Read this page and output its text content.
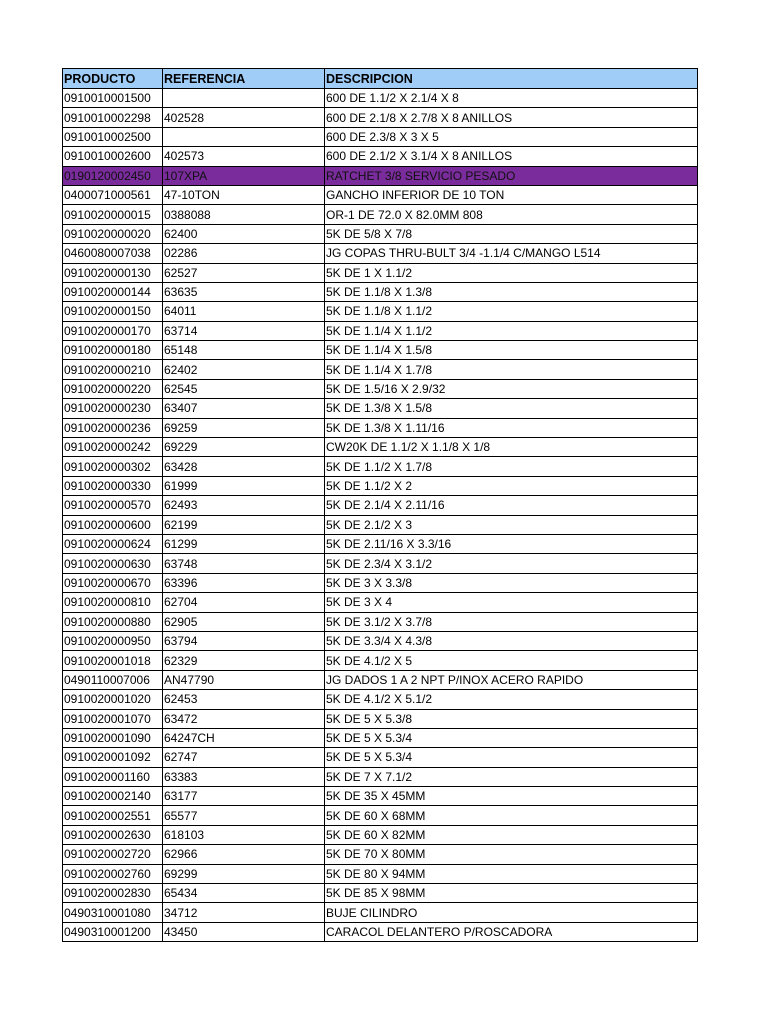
PRODUCTO	REFERENCIA	DESCRIPCION
0910010001500		600 DE 1.1/2 X 2.1/4 X 8
0910010002298	402528	600 DE 2.1/8 X 2.7/8 X 8 ANILLOS
0910010002500		600 DE 2.3/8 X 3 X 5
0910010002600	402573	600 DE 2.1/2 X 3.1/4 X 8 ANILLOS
0190120002450	107XPA	RATCHET 3/8 SERVICIO PESADO
0400071000561	47-10TON	GANCHO INFERIOR DE 10 TON
0910020000015	0388088	OR-1 DE 72.0 X 82.0MM 808
0910020000020	62400	5K DE 5/8 X 7/8
0460080007038	02286	JG COPAS THRU-BULT 3/4 -1.1/4 C/MANGO L514
0910020000130	62527	5K DE 1 X 1.1/2
0910020000144	63635	5K DE 1.1/8 X 1.3/8
0910020000150	64011	5K DE 1.1/8 X 1.1/2
0910020000170	63714	5K DE 1.1/4 X 1.1/2
0910020000180	65148	5K DE 1.1/4 X 1.5/8
0910020000210	62402	5K DE 1.1/4 X 1.7/8
0910020000220	62545	5K DE 1.5/16 X 2.9/32
0910020000230	63407	5K DE 1.3/8 X 1.5/8
0910020000236	69259	5K DE 1.3/8 X 1.11/16
0910020000242	69229	CW20K DE 1.1/2 X 1.1/8 X 1/8
0910020000302	63428	5K DE 1.1/2 X 1.7/8
0910020000330	61999	5K DE 1.1/2 X 2
0910020000570	62493	5K DE 2.1/4 X 2.11/16
0910020000600	62199	5K DE 2.1/2 X 3
0910020000624	61299	5K DE 2.11/16 X 3.3/16
0910020000630	63748	5K DE 2.3/4 X 3.1/2
0910020000670	63396	5K DE 3 X 3.3/8
0910020000810	62704	5K DE 3 X 4
0910020000880	62905	5K DE 3.1/2 X 3.7/8
0910020000950	63794	5K DE 3.3/4 X 4.3/8
0910020001018	62329	5K DE 4.1/2 X 5
0490110007006	AN47790	JG DADOS 1 A 2 NPT P/INOX ACERO RAPIDO
0910020001020	62453	5K DE 4.1/2 X 5.1/2
0910020001070	63472	5K DE 5 X 5.3/8
0910020001090	64247CH	5K DE 5 X 5.3/4
0910020001092	62747	5K DE 5 X 5.3/4
0910020001160	63383	5K DE 7 X 7.1/2
0910020002140	63177	5K DE 35 X 45MM
0910020002551	65577	5K DE 60 X 68MM
0910020002630	618103	5K DE 60 X 82MM
0910020002720	62966	5K DE 70 X 80MM
0910020002760	69299	5K DE 80 X 94MM
0910020002830	65434	5K DE 85 X 98MM
0490310001080	34712	BUJE CILINDRO
0490310001200	43450	CARACOL DELANTERO P/ROSCADORA
